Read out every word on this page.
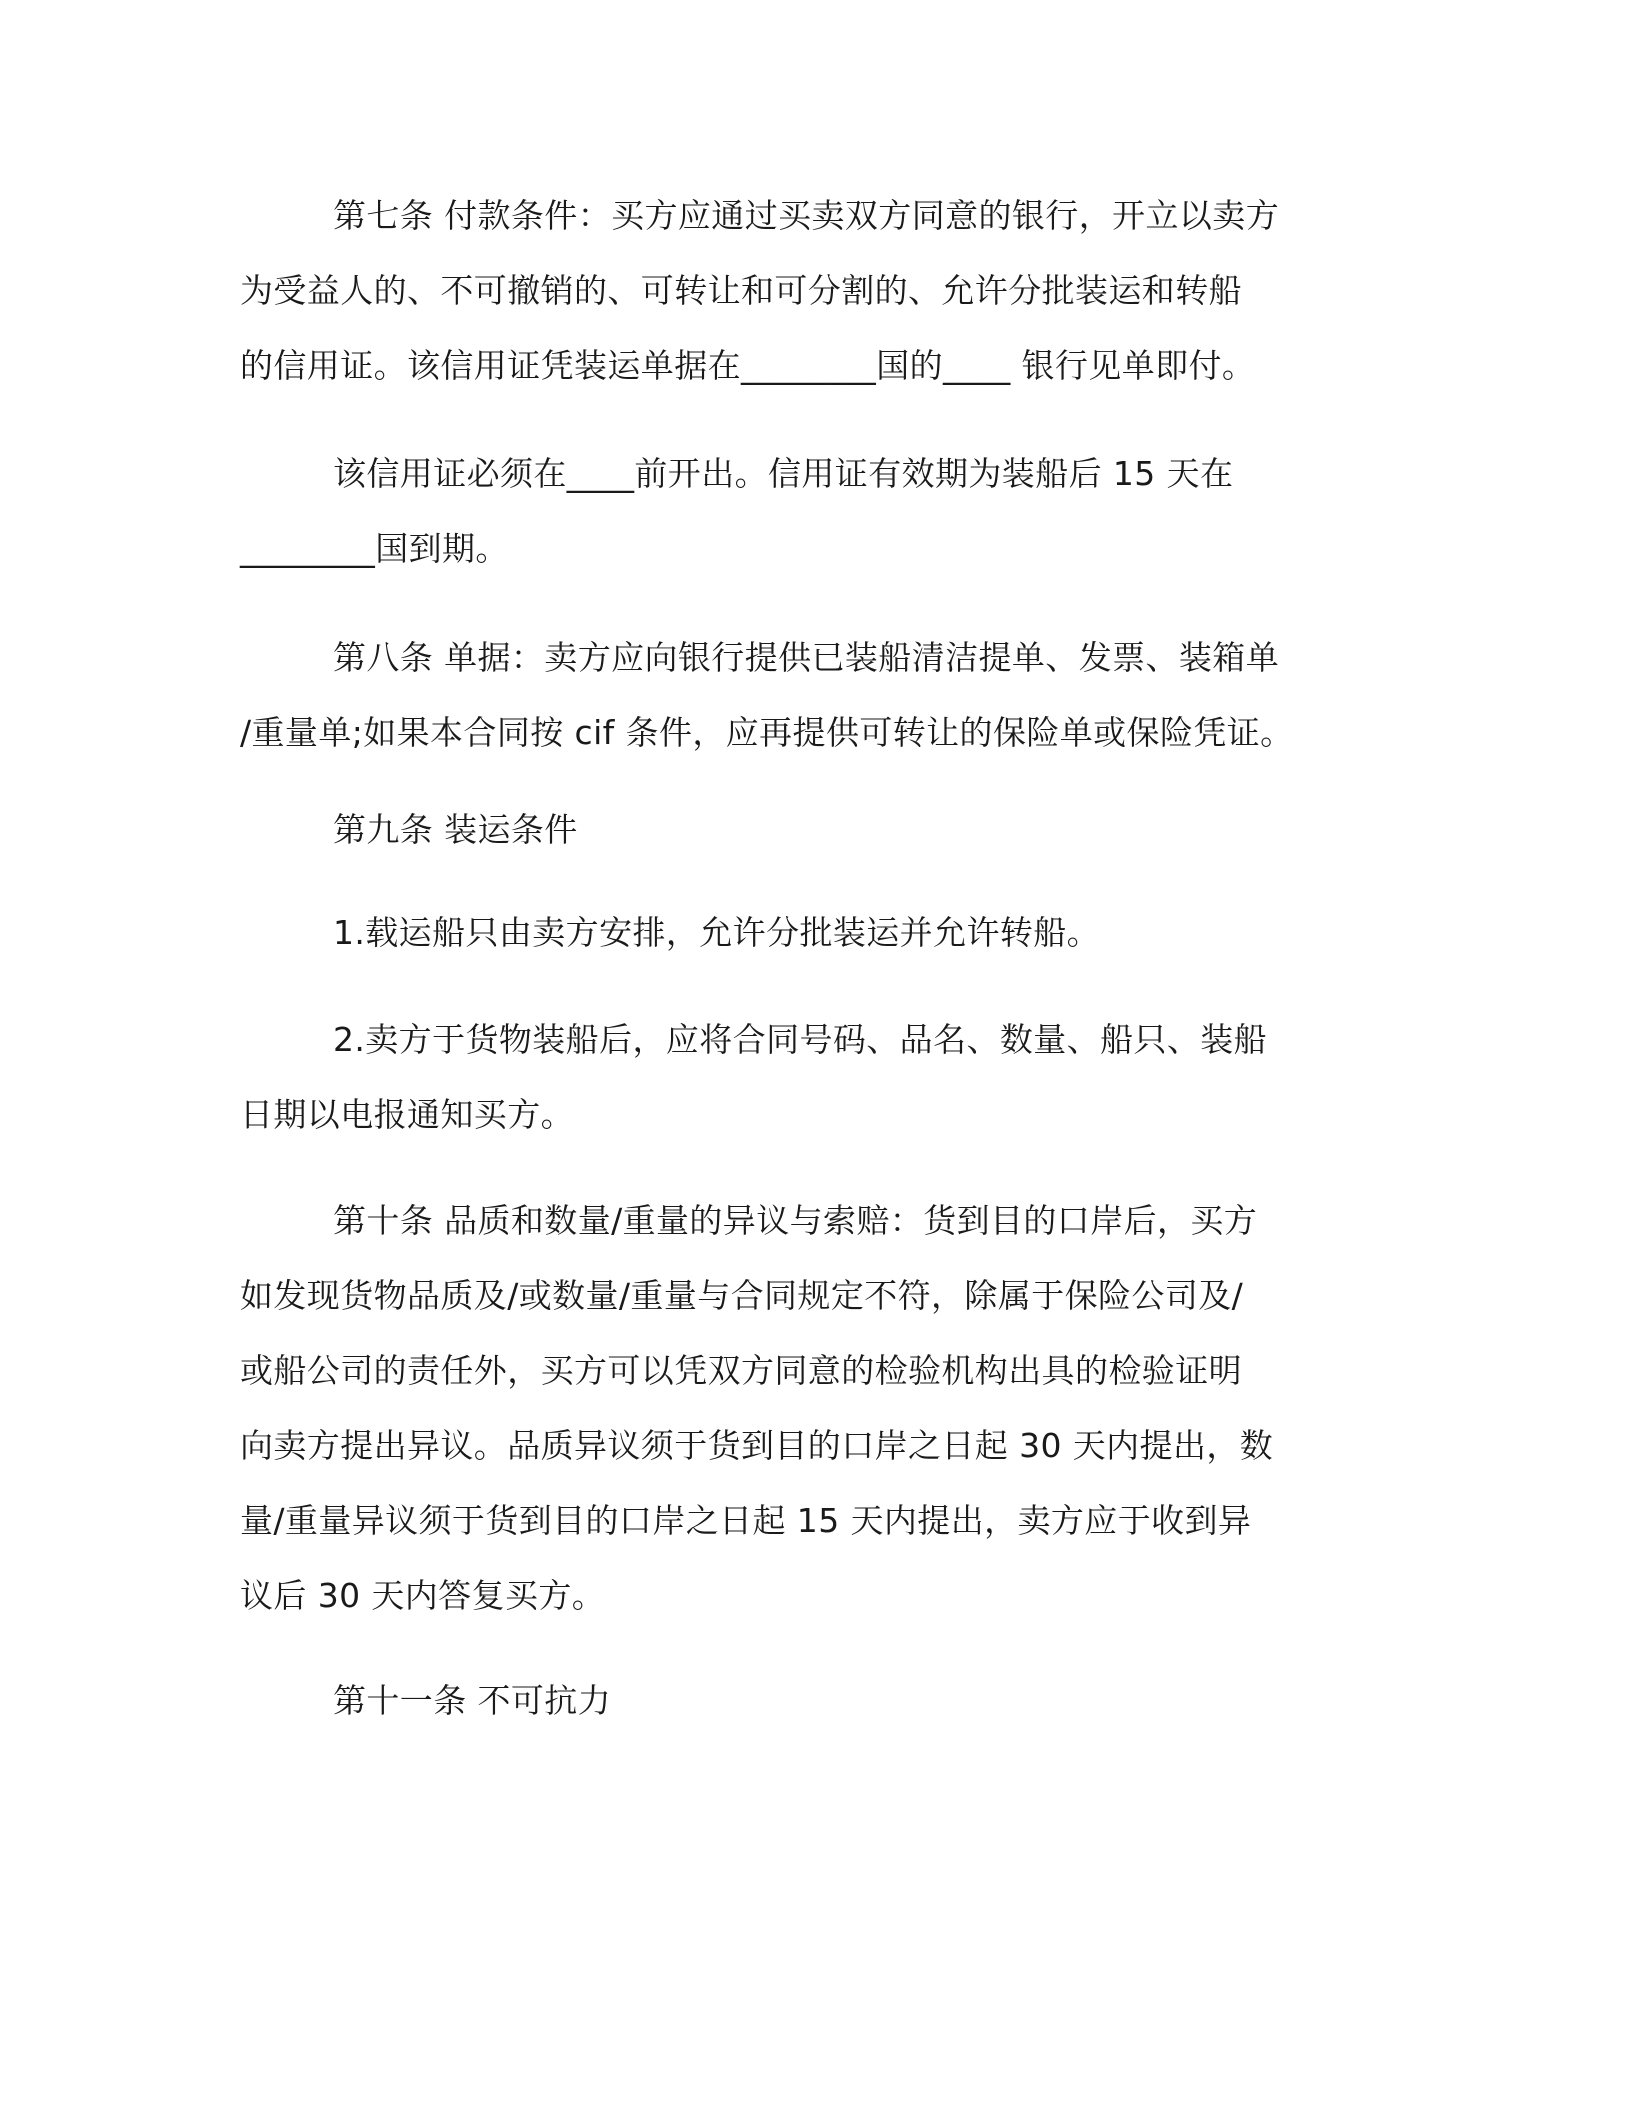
第七条 付款条件：买方应通过买卖双方同意的银行，开立以卖方
为受益人的、不可撤销的、可转让和可分割的、允许分批装运和转船
的信用证。该信用证凭装运单据在________国的____ 银行见单即付。
该信用证必须在____前开出。信用证有效期为装船后 15 天在
________国到期。
第八条 单据：卖方应向银行提供已装船清洁提单、发票、装箱单
/重量单;如果本合同按 cif 条件，应再提供可转让的保险单或保险凭证。
第九条 装运条件
1.载运船只由卖方安排，允许分批装运并允许转船。
2.卖方于货物装船后，应将合同号码、品名、数量、船只、装船
日期以电报通知买方。
第十条 品质和数量/重量的异议与索赔：货到目的口岸后，买方
如发现货物品质及/或数量/重量与合同规定不符，除属于保险公司及/
或船公司的责任外，买方可以凭双方同意的检验机构出具的检验证明
向卖方提出异议。品质异议须于货到目的口岸之日起 30 天内提出，数
量/重量异议须于货到目的口岸之日起 15 天内提出，卖方应于收到异
议后 30 天内答复买方。
第十一条 不可抗力
